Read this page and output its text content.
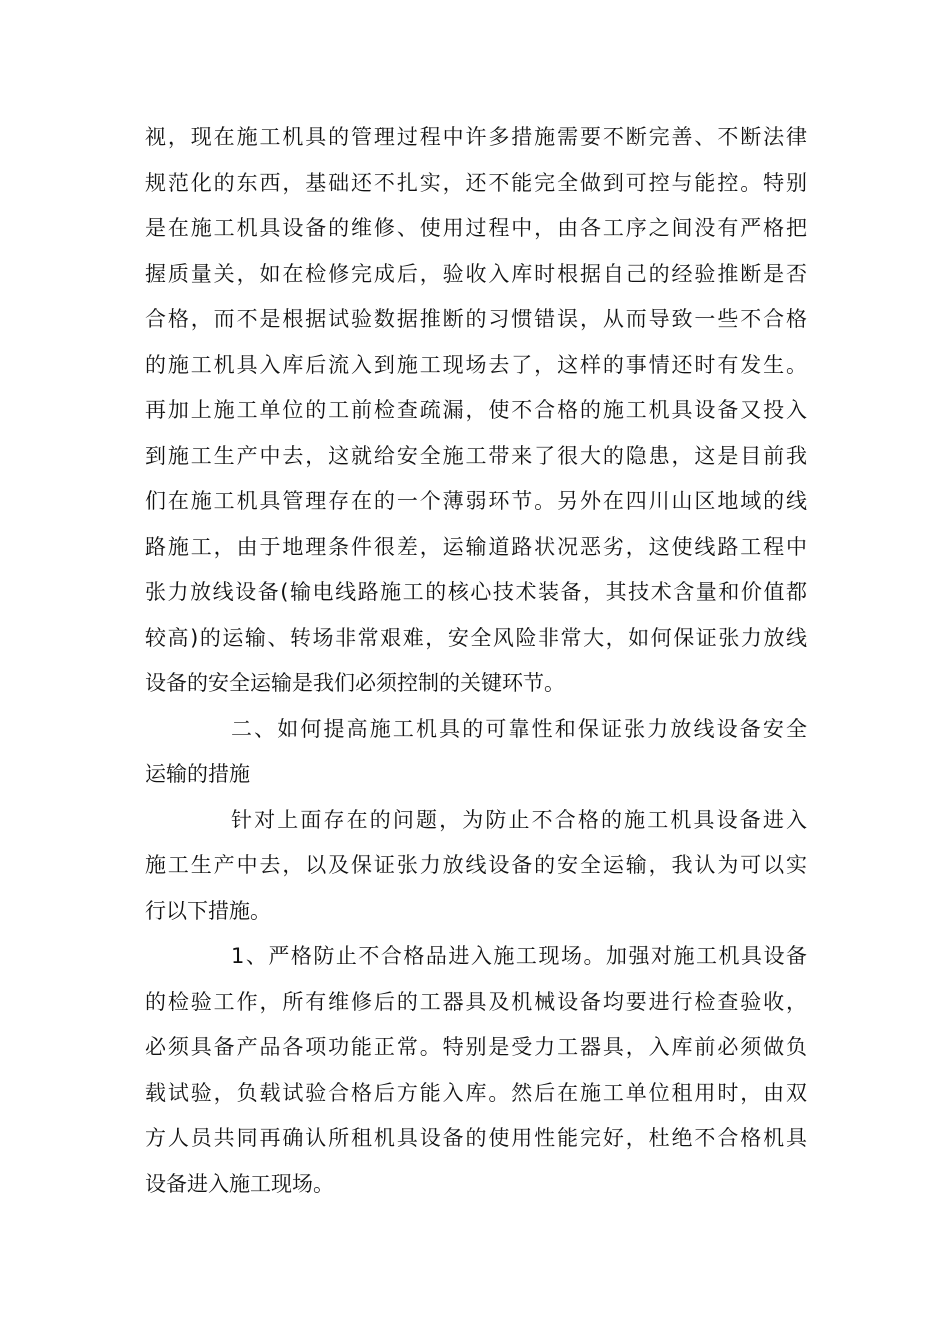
视，现在施工机具的管理过程中许多措施需要不断完善、不断法律
规范化的东西，基础还不扎实，还不能完全做到可控与能控。特别
是在施工机具设备的维修、使用过程中，由各工序之间没有严格把
握质量关，如在检修完成后，验收入库时根据自己的经验推断是否
合格，而不是根据试验数据推断的习惯错误，从而导致一些不合格
的施工机具入库后流入到施工现场去了，这样的事情还时有发生。
再加上施工单位的工前检查疏漏，使不合格的施工机具设备又投入
到施工生产中去，这就给安全施工带来了很大的隐患，这是目前我
们在施工机具管理存在的一个薄弱环节。另外在四川山区地域的线
路施工，由于地理条件很差，运输道路状况恶劣，这使线路工程中
张力放线设备(输电线路施工的核心技术装备，其技术含量和价值都
较高)的运输、转场非常艰难，安全风险非常大，如何保证张力放线
设备的安全运输是我们必须控制的关键环节。
二、如何提高施工机具的可靠性和保证张力放线设备安全
运输的措施
针对上面存在的问题，为防止不合格的施工机具设备进入
施工生产中去，以及保证张力放线设备的安全运输，我认为可以实
行以下措施。
1、严格防止不合格品进入施工现场。加强对施工机具设备
的检验工作，所有维修后的工器具及机械设备均要进行检查验收，
必须具备产品各项功能正常。特别是受力工器具，入库前必须做负
载试验，负载试验合格后方能入库。然后在施工单位租用时，由双
方人员共同再确认所租机具设备的使用性能完好，杜绝不合格机具
设备进入施工现场。
